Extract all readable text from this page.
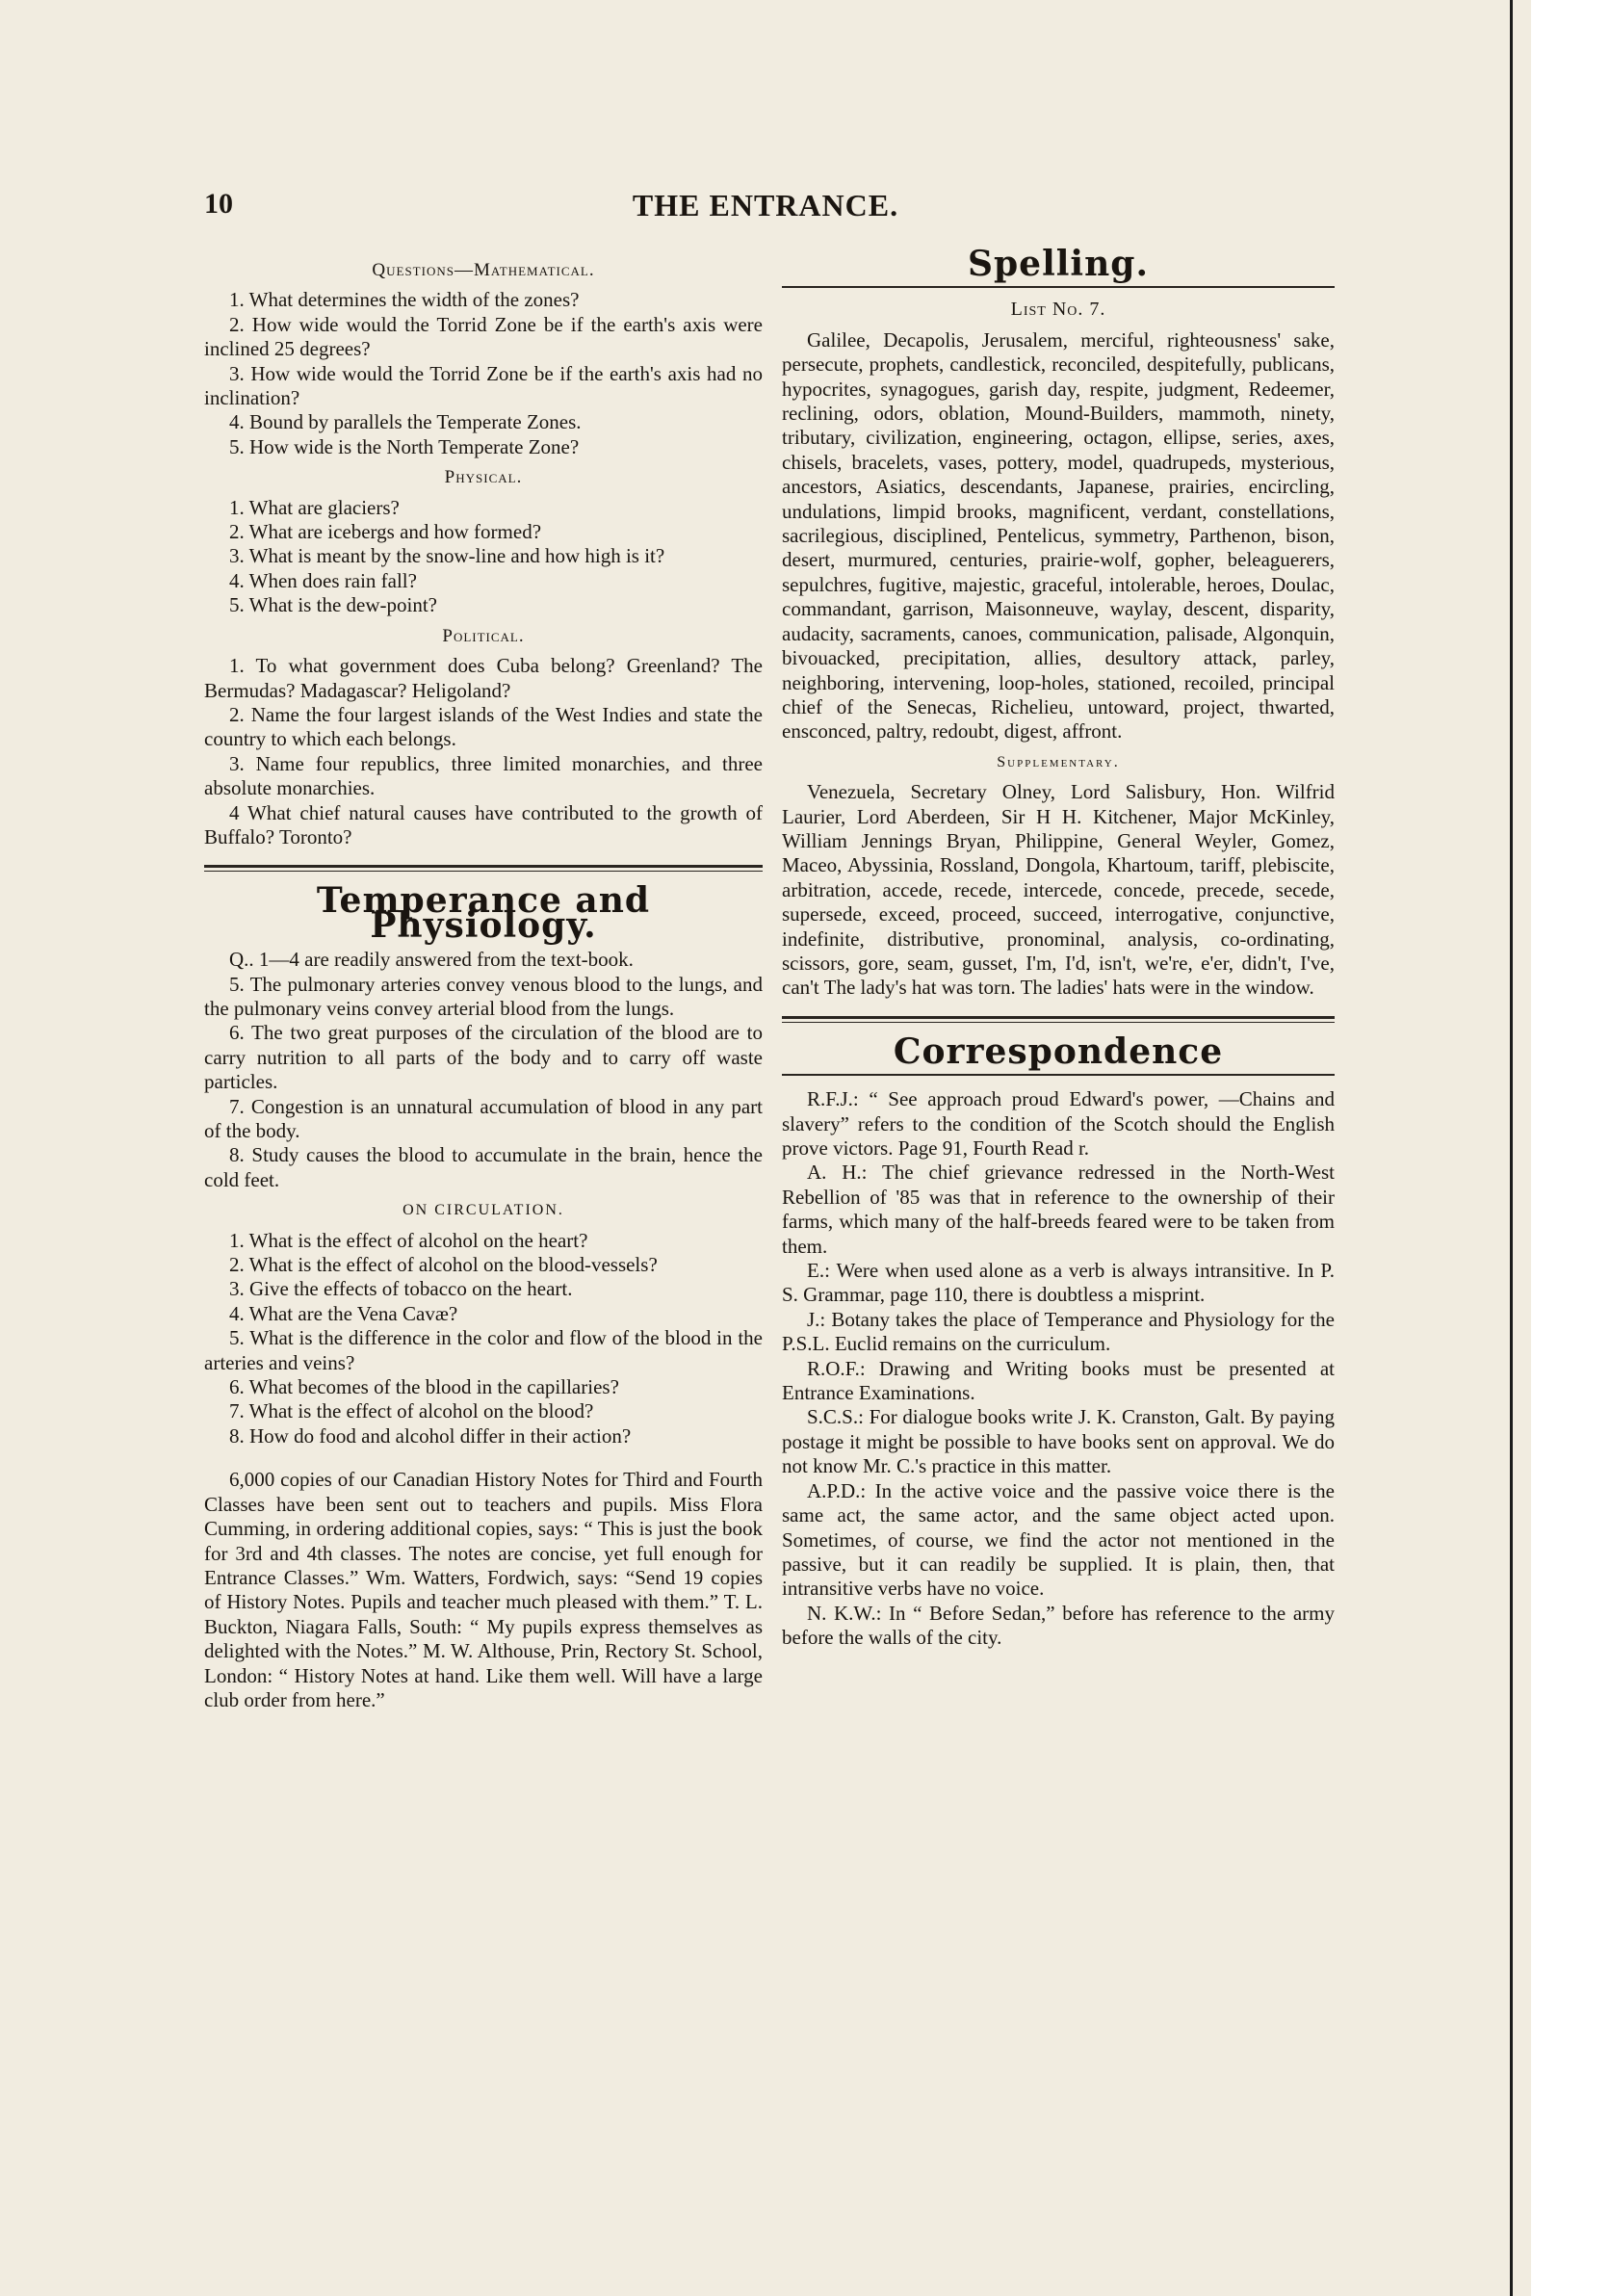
10	THE ENTRANCE.
Questions—Mathematical.

1. What determines the width of the zones?

2. How wide would the Torrid Zone be if the earth's axis were inclined 25 degrees?

3. How wide would the Torrid Zone be if the earth's axis had no inclination?

4. Bound by parallels the Temperate Zones.

5. How wide is the North Temperate Zone?

Physical.

1. What are glaciers?

2. What are icebergs and how formed?

3. What is meant by the snow-line and how high is it?

4. When does rain fall?

5. What is the dew-point?

Political.

1. To what government does Cuba belong? Greenland? The Bermudas? Madagascar? Heligoland?

2. Name the four largest islands of the West Indies and state the country to which each belongs.

3. Name four republics, three limited monarchies, and three absolute monarchies.

4 What chief natural causes have contributed to the growth of Buffalo? Toronto?

Temperance and Physiology.

Q.. 1—4 are readily answered from the text-book.

5. The pulmonary arteries convey venous blood to the lungs, and the pulmonary veins convey arterial blood from the lungs.

6. The two great purposes of the circulation of the blood are to carry nutrition to all parts of the body and to carry off waste particles.

7. Congestion is an unnatural accumulation of blood in any part of the body.

8. Study causes the blood to accumulate in the brain, hence the cold feet.

ON CIRCULATION.

1. What is the effect of alcohol on the heart?

2. What is the effect of alcohol on the blood-vessels?

3. Give the effects of tobacco on the heart.

4. What are the Vena Cavæ?

5. What is the difference in the color and flow of the blood in the arteries and veins?

6. What becomes of the blood in the capillaries?

7. What is the effect of alcohol on the blood?

8. How do food and alcohol differ in their action?

6,000 copies of our Canadian History Notes for Third and Fourth Classes have been sent out to teachers and pupils. Miss Flora Cumming, in ordering additional copies, says: “ This is just the book for 3rd and 4th classes. The notes are concise, yet full enough for Entrance Classes.” Wm. Watters, Fordwich, says: “Send 19 copies of History Notes. Pupils and teacher much pleased with them.” T. L. Buckton, Niagara Falls, South: “ My pupils express themselves as delighted with the Notes.” M. W. Althouse, Prin, Rectory St. School, London: “ History Notes at hand. Like them well. Will have a large club order from here.”

Spelling.
List No. 7.

Galilee, Decapolis, Jerusalem, merciful, righteousness' sake, persecute, prophets, candlestick, reconciled, despitefully, publicans, hypocrites, synagogues, garish day, respite, judgment, Redeemer, reclining, odors, oblation, Mound-Builders, mammoth, ninety, tributary, civilization, engineering, octagon, ellipse, series, axes, chisels, bracelets, vases, pottery, model, quadrupeds, mysterious, ancestors, Asiatics, descendants, Japanese, prairies, encircling, undulations, limpid brooks, magnificent, verdant, constellations, sacrilegious, disciplined, Pentelicus, symmetry, Parthenon, bison, desert, murmured, centuries, prairie-wolf, gopher, beleaguerers, sepulchres, fugitive, majestic, graceful, intolerable, heroes, Doulac, commandant, garrison, Maisonneuve, waylay, descent, disparity, audacity, sacraments, canoes, communication, palisade, Algonquin, bivouacked, precipitation, allies, desultory attack, parley, neighboring, intervening, loop-holes, stationed, recoiled, principal chief of the Senecas, Richelieu, untoward, project, thwarted, ensconced, paltry, redoubt, digest, affront.

Supplementary.

Venezuela, Secretary Olney, Lord Salisbury, Hon. Wilfrid Laurier, Lord Aberdeen, Sir H H. Kitchener, Major McKinley, William Jennings Bryan, Philippine, General Weyler, Gomez, Maceo, Abyssinia, Rossland, Dongola, Khartoum, tariff, plebiscite, arbitration, accede, recede, intercede, concede, precede, secede, supersede, exceed, proceed, succeed, interrogative, conjunctive, indefinite, distributive, pronominal, analysis, co-ordinating, scissors, gore, seam, gusset, I'm, I'd, isn't, we're, e'er, didn't, I've, can't The lady's hat was torn. The ladies' hats were in the window.

Correspondence

R.F.J.: “ See approach proud Edward's power, —Chains and slavery” refers to the condition of the Scotch should the English prove victors. Page 91, Fourth Read r.

A. H.: The chief grievance redressed in the North-West Rebellion of '85 was that in reference to the ownership of their farms, which many of the half-breeds feared were to be taken from them.

E.: Were when used alone as a verb is always intransitive. In P. S. Grammar, page 110, there is doubtless a misprint.

J.: Botany takes the place of Temperance and Physiology for the P.S.L. Euclid remains on the curriculum.

R.O.F.: Drawing and Writing books must be presented at Entrance Examinations.

S.C.S.: For dialogue books write J. K. Cranston, Galt. By paying postage it might be possible to have books sent on approval. We do not know Mr. C.'s practice in this matter.

A.P.D.: In the active voice and the passive voice there is the same act, the same actor, and the same object acted upon. Sometimes, of course, we find the actor not mentioned in the passive, but it can readily be supplied. It is plain, then, that intransitive verbs have no voice.

N. K.W.: In “ Before Sedan,” before has reference to the army before the walls of the city.
